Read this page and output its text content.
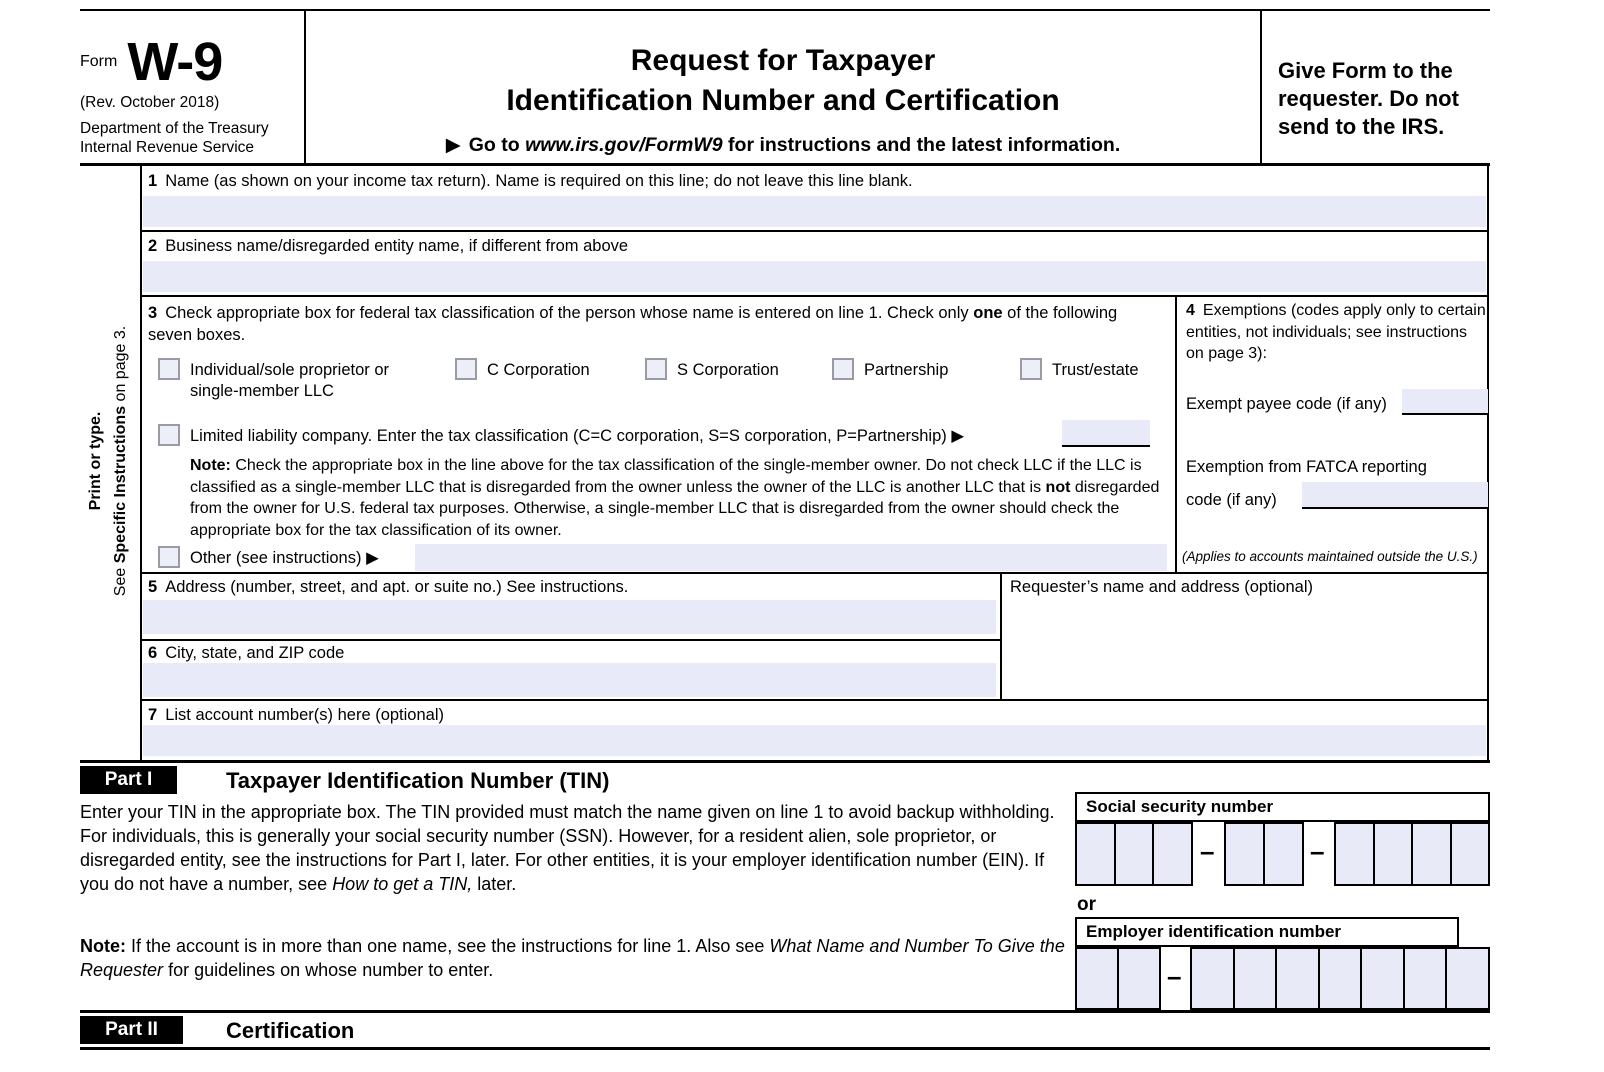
Form W-9
(Rev. October 2018)
Department of the Treasury
Internal Revenue Service
Request for Taxpayer
Identification Number and Certification
▶ Go to www.irs.gov/FormW9 for instructions and the latest information.
Give Form to the requester. Do not send to the IRS.
Print or type.
See Specific Instructions on page 3.
1 Name (as shown on your income tax return). Name is required on this line; do not leave this line blank.
2 Business name/disregarded entity name, if different from above
3 Check appropriate box for federal tax classification of the person whose name is entered on line 1. Check only one of the following seven boxes.
Individual/sole proprietor or single-member LLC
C Corporation	S Corporation	Partnership	Trust/estate
Limited liability company. Enter the tax classification (C=C corporation, S=S corporation, P=Partnership) ▶
Note: Check the appropriate box in the line above for the tax classification of the single-member owner. Do not check LLC if the LLC is classified as a single-member LLC that is disregarded from the owner unless the owner of the LLC is another LLC that is not disregarded from the owner for U.S. federal tax purposes. Otherwise, a single-member LLC that is disregarded from the owner should check the appropriate box for the tax classification of its owner.
Other (see instructions) ▶
4 Exemptions (codes apply only to certain entities, not individuals; see instructions on page 3):
Exempt payee code (if any)
Exemption from FATCA reporting
code (if any)
(Applies to accounts maintained outside the U.S.)
5 Address (number, street, and apt. or suite no.) See instructions.	Requester’s name and address (optional)
6 City, state, and ZIP code
7 List account number(s) here (optional)
Part I	Taxpayer Identification Number (TIN)
Enter your TIN in the appropriate box. The TIN provided must match the name given on line 1 to avoid backup withholding. For individuals, this is generally your social security number (SSN). However, for a resident alien, sole proprietor, or disregarded entity, see the instructions for Part I, later. For other entities, it is your employer identification number (EIN). If you do not have a number, see How to get a TIN, later.
Note: If the account is in more than one name, see the instructions for line 1. Also see What Name and Number To Give the Requester for guidelines on whose number to enter.
Social security number
–	–
or
Employer identification number
–
Part II	Certification
